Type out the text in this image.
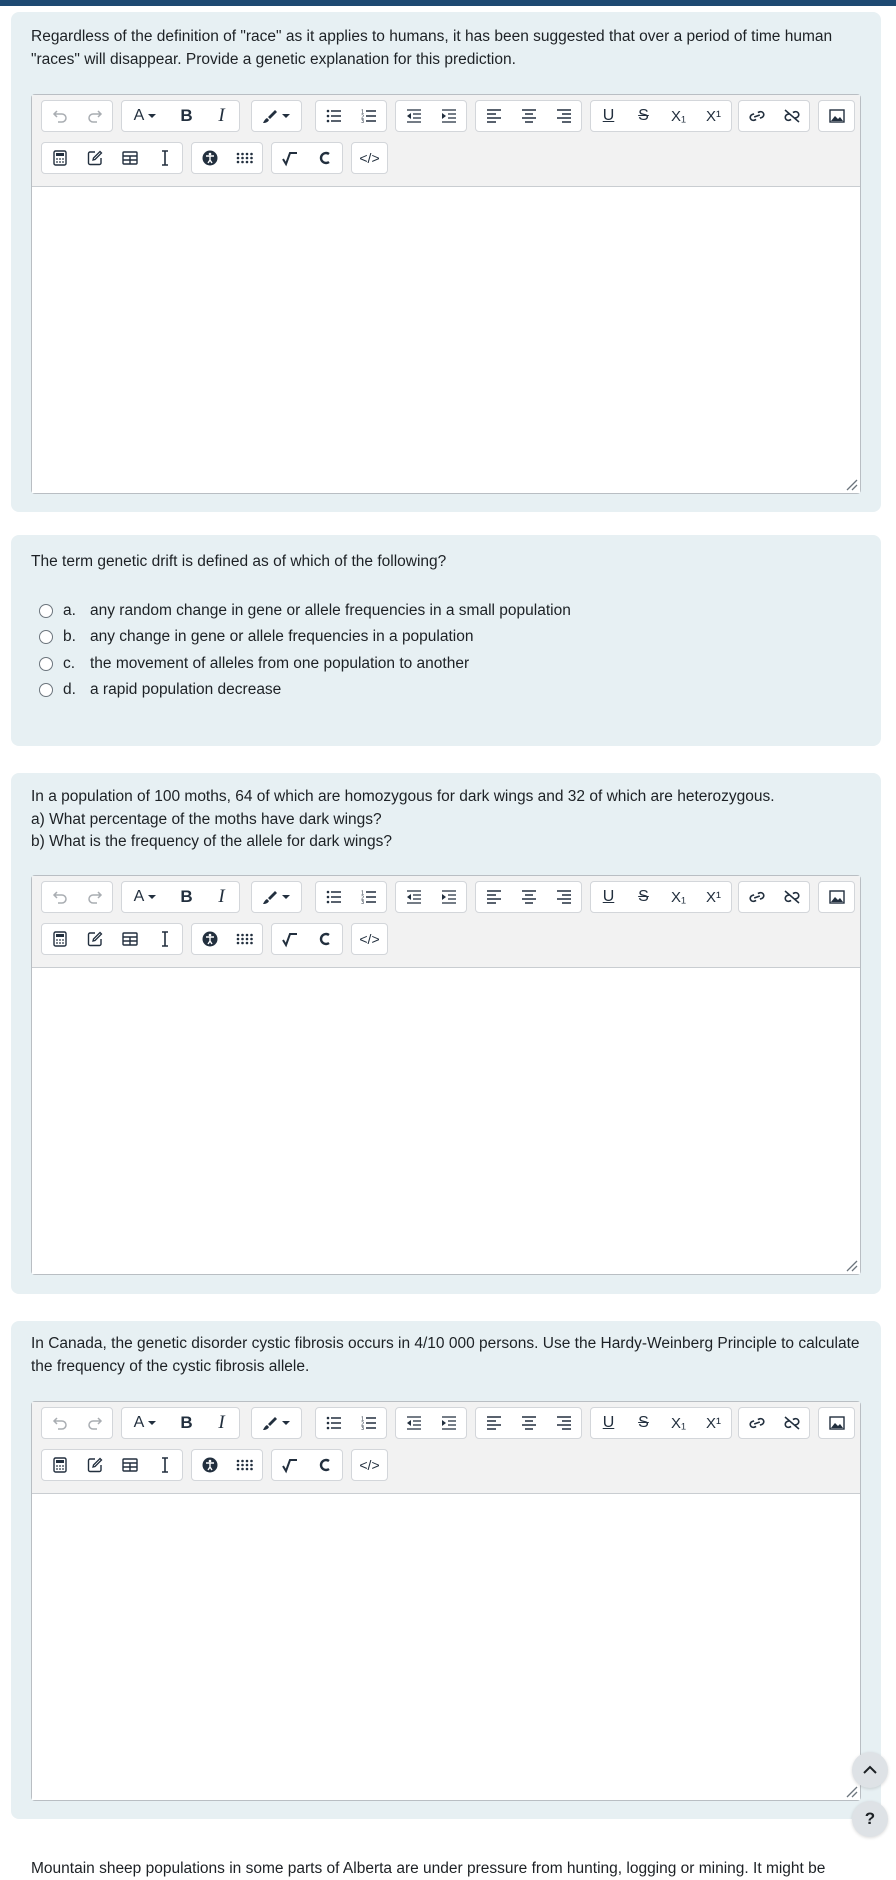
Regardless of the definition of "race" as it applies to humans, it has been suggested that over a period of time human
"races" will disappear. Provide a genetic explanation for this prediction.
A B I	1
2
3	U S X₁ X¹
</>
The term genetic drift is defined as of which of the following?
a. any random change in gene or allele frequencies in a small population
b. any change in gene or allele frequencies in a population
c. the movement of alleles from one population to another
d. a rapid population decrease
In a population of 100 moths, 64 of which are homozygous for dark wings and 32 of which are heterozygous.
a) What percentage of the moths have dark wings?
b) What is the frequency of the allele for dark wings?
A B I	1
2
3	U S X₁ X¹
</>
In Canada, the genetic disorder cystic fibrosis occurs in 4/10 000 persons. Use the Hardy-Weinberg Principle to calculate
the frequency of the cystic fibrosis allele.
A B I	1
2
3	U S X₁ X¹
</>
Mountain sheep populations in some parts of Alberta are under pressure from hunting, logging or mining. It might be
?
